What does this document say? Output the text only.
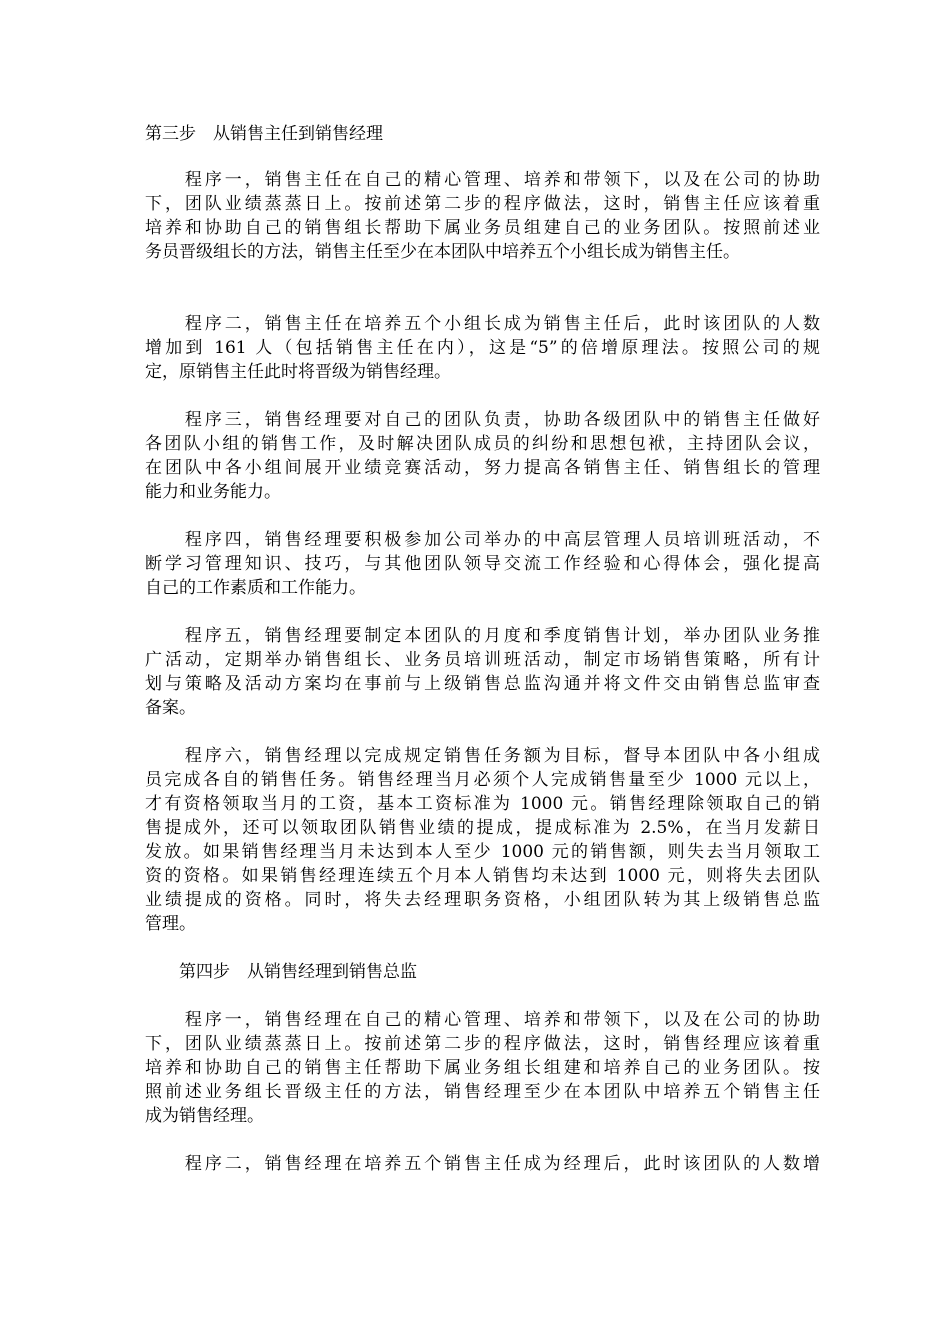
第三步　从销售主任到销售经理
　　程序一，销售主任在自己的精心管理、培养和带领下，以及在公司的协助
下，团队业绩蒸蒸日上。按前述第二步的程序做法，这时，销售主任应该着重
培养和协助自己的销售组长帮助下属业务员组建自己的业务团队。按照前述业
务员晋级组长的方法，销售主任至少在本团队中培养五个小组长成为销售主任。
　　程序二，销售主任在培养五个小组长成为销售主任后，此时该团队的人数
增加到 161 人（包括销售主任在内），这是“5”的倍增原理法。按照公司的规
定，原销售主任此时将晋级为销售经理。
　　程序三，销售经理要对自己的团队负责，协助各级团队中的销售主任做好
各团队小组的销售工作，及时解决团队成员的纠纷和思想包袱，主持团队会议，
在团队中各小组间展开业绩竞赛活动，努力提高各销售主任、销售组长的管理
能力和业务能力。
　　程序四，销售经理要积极参加公司举办的中高层管理人员培训班活动，不
断学习管理知识、技巧，与其他团队领导交流工作经验和心得体会，强化提高
自己的工作素质和工作能力。
　　程序五，销售经理要制定本团队的月度和季度销售计划，举办团队业务推
广活动，定期举办销售组长、业务员培训班活动，制定市场销售策略，所有计
划与策略及活动方案均在事前与上级销售总监沟通并将文件交由销售总监审查
备案。
　　程序六，销售经理以完成规定销售任务额为目标，督导本团队中各小组成
员完成各自的销售任务。销售经理当月必须个人完成销售量至少 1000 元以上，
才有资格领取当月的工资，基本工资标准为 1000 元。销售经理除领取自己的销
售提成外，还可以领取团队销售业绩的提成，提成标准为 2.5%，在当月发薪日
发放。如果销售经理当月未达到本人至少 1000 元的销售额，则失去当月领取工
资的资格。如果销售经理连续五个月本人销售均未达到 1000 元，则将失去团队
业绩提成的资格。同时，将失去经理职务资格，小组团队转为其上级销售总监
管理。
　　第四步　从销售经理到销售总监
　　程序一，销售经理在自己的精心管理、培养和带领下，以及在公司的协助
下，团队业绩蒸蒸日上。按前述第二步的程序做法，这时，销售经理应该着重
培养和协助自己的销售主任帮助下属业务组长组建和培养自己的业务团队。按
照前述业务组长晋级主任的方法，销售经理至少在本团队中培养五个销售主任
成为销售经理。
　　程序二，销售经理在培养五个销售主任成为经理后，此时该团队的人数增
